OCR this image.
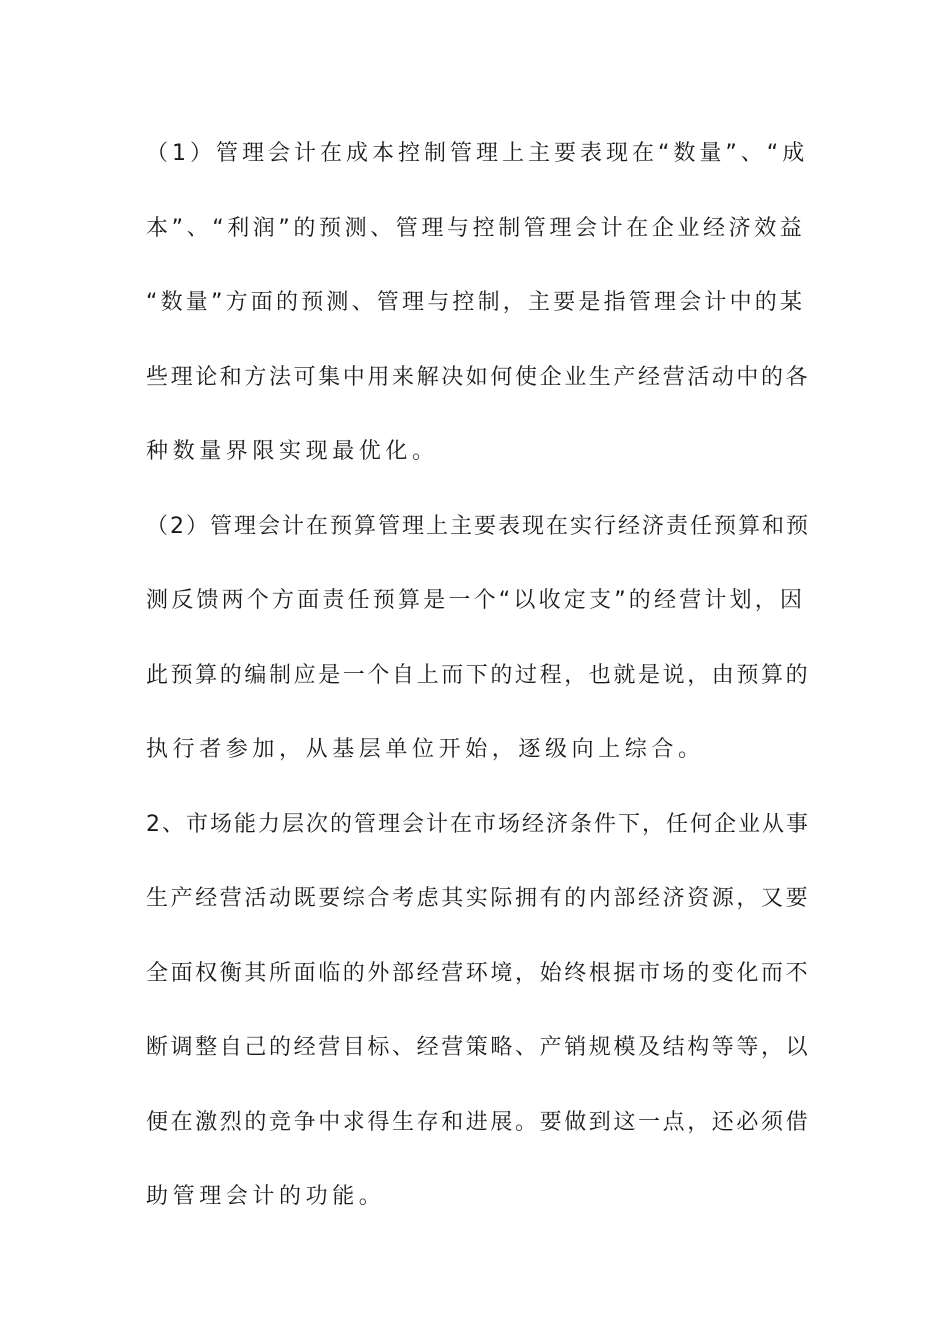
（1）管理会计在成本控制管理上主要表现在“数量”、“成
本”、“利润”的预测、管理与控制管理会计在企业经济效益
“数量”方面的预测、管理与控制，主要是指管理会计中的某
些理论和方法可集中用来解决如何使企业生产经营活动中的各
种数量界限实现最优化。
（2）管理会计在预算管理上主要表现在实行经济责任预算和预
测反馈两个方面责任预算是一个“以收定支”的经营计划，因
此预算的编制应是一个自上而下的过程，也就是说，由预算的
执行者参加，从基层单位开始，逐级向上综合。
2、市场能力层次的管理会计在市场经济条件下，任何企业从事
生产经营活动既要综合考虑其实际拥有的内部经济资源，又要
全面权衡其所面临的外部经营环境，始终根据市场的变化而不
断调整自己的经营目标、经营策略、产销规模及结构等等，以
便在激烈的竞争中求得生存和进展。要做到这一点，还必须借
助管理会计的功能。
